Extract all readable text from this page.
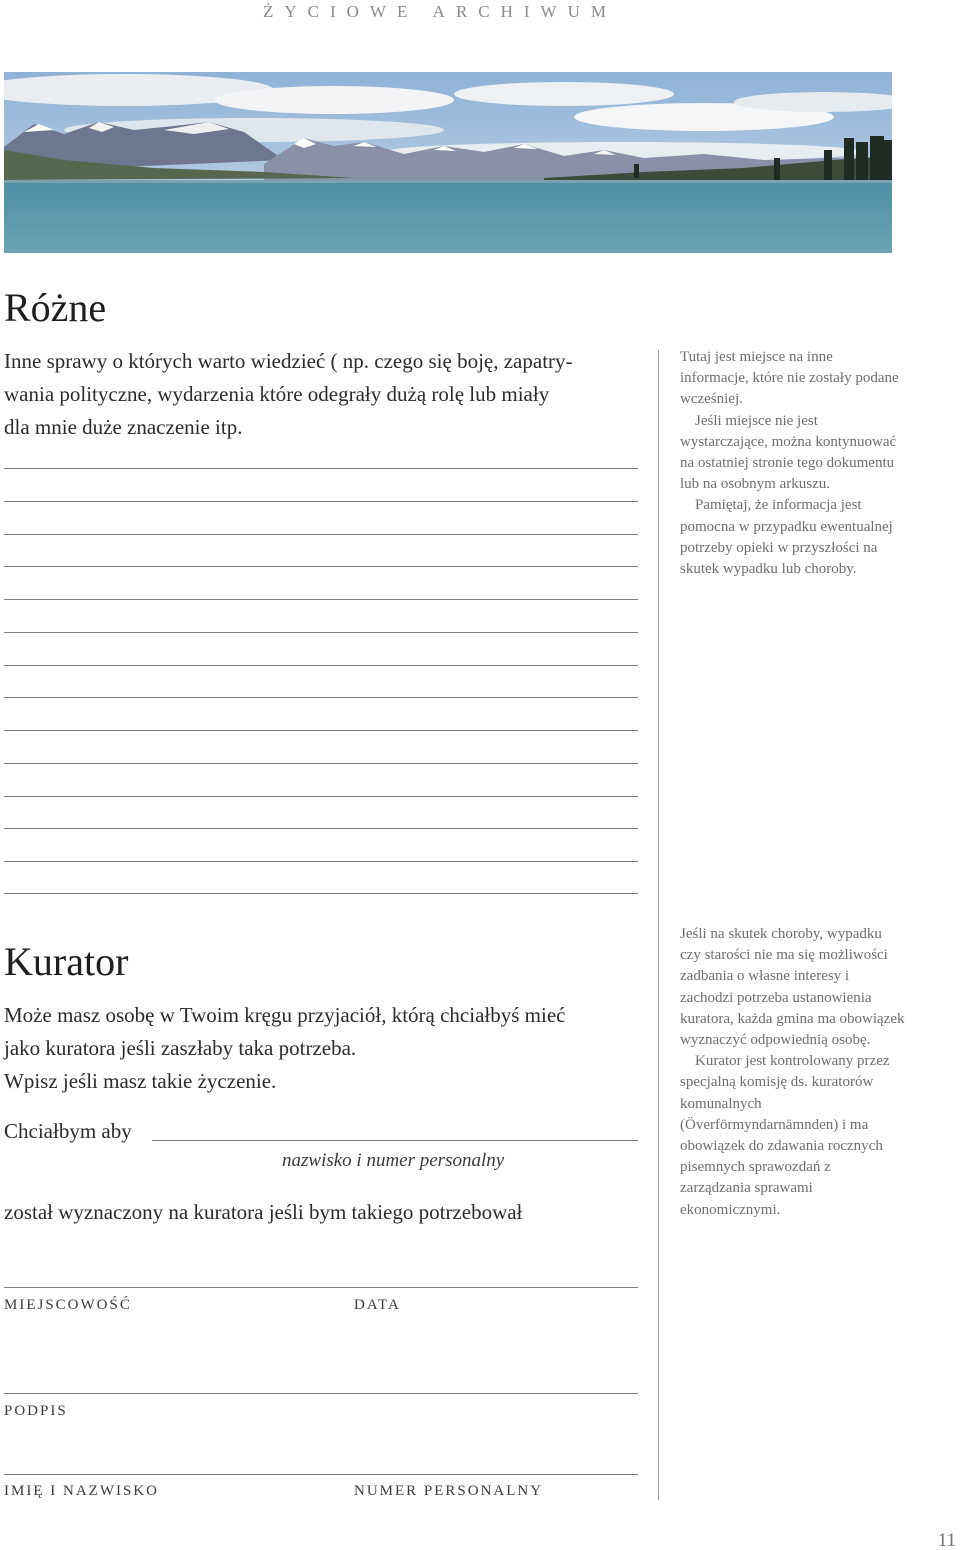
ŻYCIOWE ARCHIWUM
Różne

Inne sprawy o których warto wiedzieć ( np. czego się boję, zapatry-

wania polityczne, wydarzenia które odegrały dużą rolę lub miały

dla mnie duże znaczenie itp.

Tutaj jest miejsce na inne informacje, które nie zostały podane wcześniej.

Jeśli miejsce nie jest wystarczające, można kontynuować na ostatniej stronie tego dokumentu lub na osobnym arkuszu.

Pamiętaj, że informacja jest pomocna w przypadku ewentualnej potrzeby opieki w przyszłości na skutek wypadku lub choroby.

Kurator

Może masz osobę w Twoim kręgu przyjaciół, którą chciałbyś mieć

jako kuratora jeśli zaszłaby taka potrzeba.

Wpisz jeśli masz takie życzenie.

Jeśli na skutek choroby, wypadku czy starości nie ma się możliwości zadbania o własne interesy i zachodzi potrzeba ustanowienia kuratora, każda gmina ma obowiązek wyznaczyć odpowiednią osobę.

Kurator jest kontrolowany przez specjalną komisję ds. kuratorów komunalnych (Överförmyndarnämnden) i ma obowiązek do zdawania rocznych pisemnych sprawozdań z zarządzania sprawami ekonomicznymi.

Chciałbym aby
nazwisko i numer personalny
został wyznaczony na kuratora jeśli bym takiego potrzebował
MIEJSCOWOŚĆ	DATA
PODPIS
IMIĘ I NAZWISKO	NUMER PERSONALNY
11
